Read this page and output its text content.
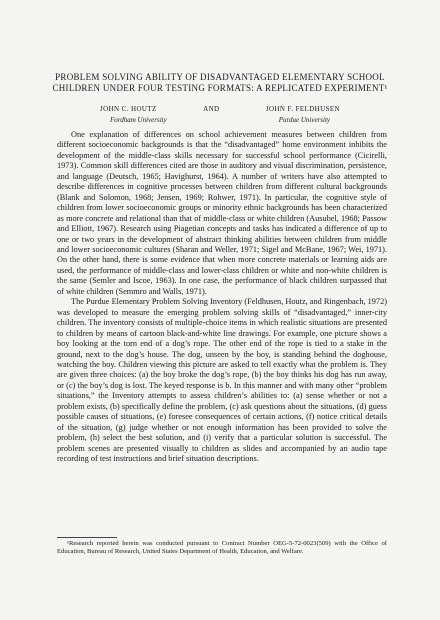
PROBLEM SOLVING ABILITY OF DISADVANTAGED ELEMENTARY SCHOOL CHILDREN UNDER FOUR TESTING FORMATS: A REPLICATED EXPERIMENT¹
JOHN C. HOUTZ	AND	JOHN F. FELDHUSEN
Fordham University	Purdue University

One explanation of differences on school achievement measures between children from different socioeconomic backgrounds is that the “disadvantaged” home environment inhibits the development of the middle-class skills necessary for successful school performance (Cicirelli, 1973). Common skill differences cited are those in auditory and visual discrimination, persistence, and language (Deutsch, 1965; Havighurst, 1964). A number of writers have also attempted to describe differences in cognitive processes between children from different cultural backgrounds (Blank and Solomon, 1968; Jensen, 1969; Rohwer, 1971). In particular, the cognitive style of children from lower socioeconomic groups or minority ethnic backgrounds has been characterized as more concrete and relational than that of middle-class or white children (Ausubel, 1968; Passow and Elliott, 1967). Research using Piagetian concepts and tasks has indicated a difference of up to one or two years in the development of abstract thinking abilities between children from middle and lower socioeconomic cultures (Sharan and Weller, 1971; Sigel and McBane, 1967; Wei, 1971). On the other hand, there is some evidence that when more concrete materials or learning aids are used, the performance of middle-class and lower-class children or white and non-white children is the same (Semler and Iscoe, 1963). In one case, the performance of black children surpassed that of white children (Semmro and Walls, 1971).

The Purdue Elementary Problem Solving Inventory (Feldhusen, Houtz, and Ringenbach, 1972) was developed to measure the emerging problem solving skills of “disadvantaged,” inner-city children. The inventory consists of multiple-choice items in which realistic situations are presented to children by means of cartoon black-and-white line drawings. For example, one picture shows a boy looking at the torn end of a dog’s rope. The other end of the rope is tied to a stake in the ground, next to the dog’s house. The dog, unseen by the boy, is standing behind the doghouse, watching the boy. Children viewing this picture are asked to tell exactly what the problem is. They are given three choices: (a) the boy broke the dog’s rope, (b) the boy thinks his dog has run away, or (c) the boy’s dog is lost. The keyed response is b. In this manner and with many other “problem situations,” the Inventory attempts to assess children’s abilities to: (a) sense whether or not a problem exists, (b) specifically define the problem, (c) ask questions about the situations, (d) guess possible causes of situations, (e) foresee consequences of certain actions, (f) notice critical details of the situation, (g) judge whether or not enough information has been provided to solve the problem, (h) select the best solution, and (i) verify that a particular solution is successful. The problem scenes are presented visually to children as slides and accompanied by an audio tape recording of test instructions and brief situation descriptions.

¹Research reported herein was conducted pursuant to Contract Number OEG-5-72-0023(509) with the Office of Education, Bureau of Research, United States Department of Health, Education, and Welfare.
